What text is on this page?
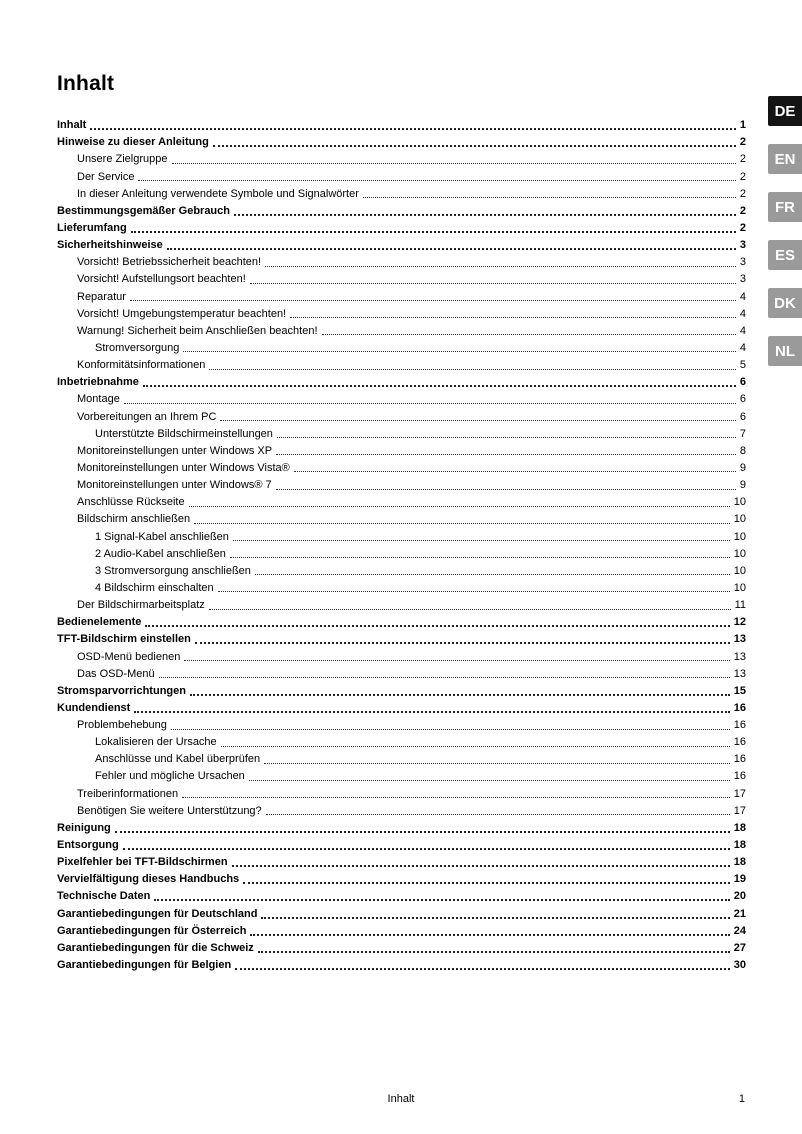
Inhalt
Inhalt	1
Hinweise zu dieser Anleitung	2
Unsere Zielgruppe	2
Der Service	2
In dieser Anleitung verwendete Symbole und Signalwörter	2
Bestimmungsgemäßer Gebrauch	2
Lieferumfang	2
Sicherheitshinweise	3
Vorsicht! Betriebssicherheit beachten!	3
Vorsicht! Aufstellungsort beachten!	3
Reparatur	4
Vorsicht! Umgebungstemperatur beachten!	4
Warnung! Sicherheit beim Anschließen beachten!	4
Stromversorgung	4
Konformitätsinformationen	5
Inbetriebnahme	6
Montage	6
Vorbereitungen an Ihrem PC	6
Unterstützte Bildschirmeinstellungen	7
Monitoreinstellungen unter Windows XP	8
Monitoreinstellungen unter Windows Vista®	9
Monitoreinstellungen unter Windows® 7	9
Anschlüsse Rückseite	10
Bildschirm anschließen	10
1 Signal-Kabel anschließen	10
2 Audio-Kabel anschließen	10
3 Stromversorgung anschließen	10
4 Bildschirm einschalten	10
Der Bildschirmarbeitsplatz	11
Bedienelemente	12
TFT-Bildschirm einstellen	13
OSD-Menü bedienen	13
Das OSD-Menü	13
Stromsparvorrichtungen	15
Kundendienst	16
Problembehebung	16
Lokalisieren der Ursache	16
Anschlüsse und Kabel überprüfen	16
Fehler und mögliche Ursachen	16
Treiberinformationen	17
Benötigen Sie weitere Unterstützung?	17
Reinigung	18
Entsorgung	18
Pixelfehler bei TFT-Bildschirmen	18
Vervielfältigung dieses Handbuchs	19
Technische Daten	20
Garantiebedingungen für Deutschland	21
Garantiebedingungen für Österreich	24
Garantiebedingungen für die Schweiz	27
Garantiebedingungen für Belgien	30
DE
EN
FR
ES
DK
NL
Inhalt	1
